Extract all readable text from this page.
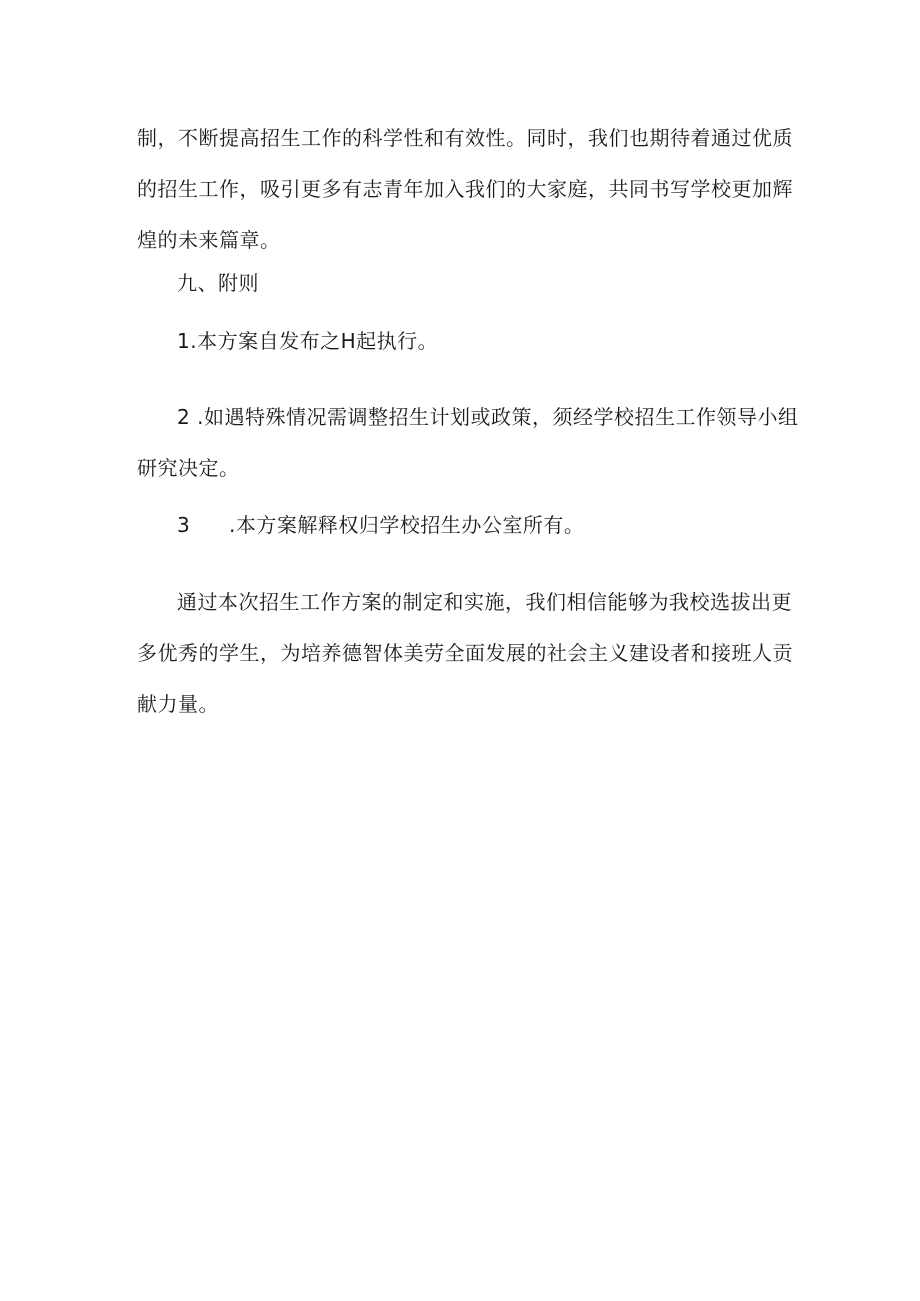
制，不断提高招生工作的科学性和有效性。同时，我们也期待着通过优质
的招生工作，吸引更多有志青年加入我们的大家庭，共同书写学校更加辉
煌的未来篇章。

九、附则

1.本方案自发布之H起执行。

2 .如遇特殊情况需调整招生计划或政策，须经学校招生工作领导小组
研究决定。

3 .本方案解释权归学校招生办公室所有。

通过本次招生工作方案的制定和实施，我们相信能够为我校选拔出更
多优秀的学生，为培养德智体美劳全面发展的社会主义建设者和接班人贡
献力量。
